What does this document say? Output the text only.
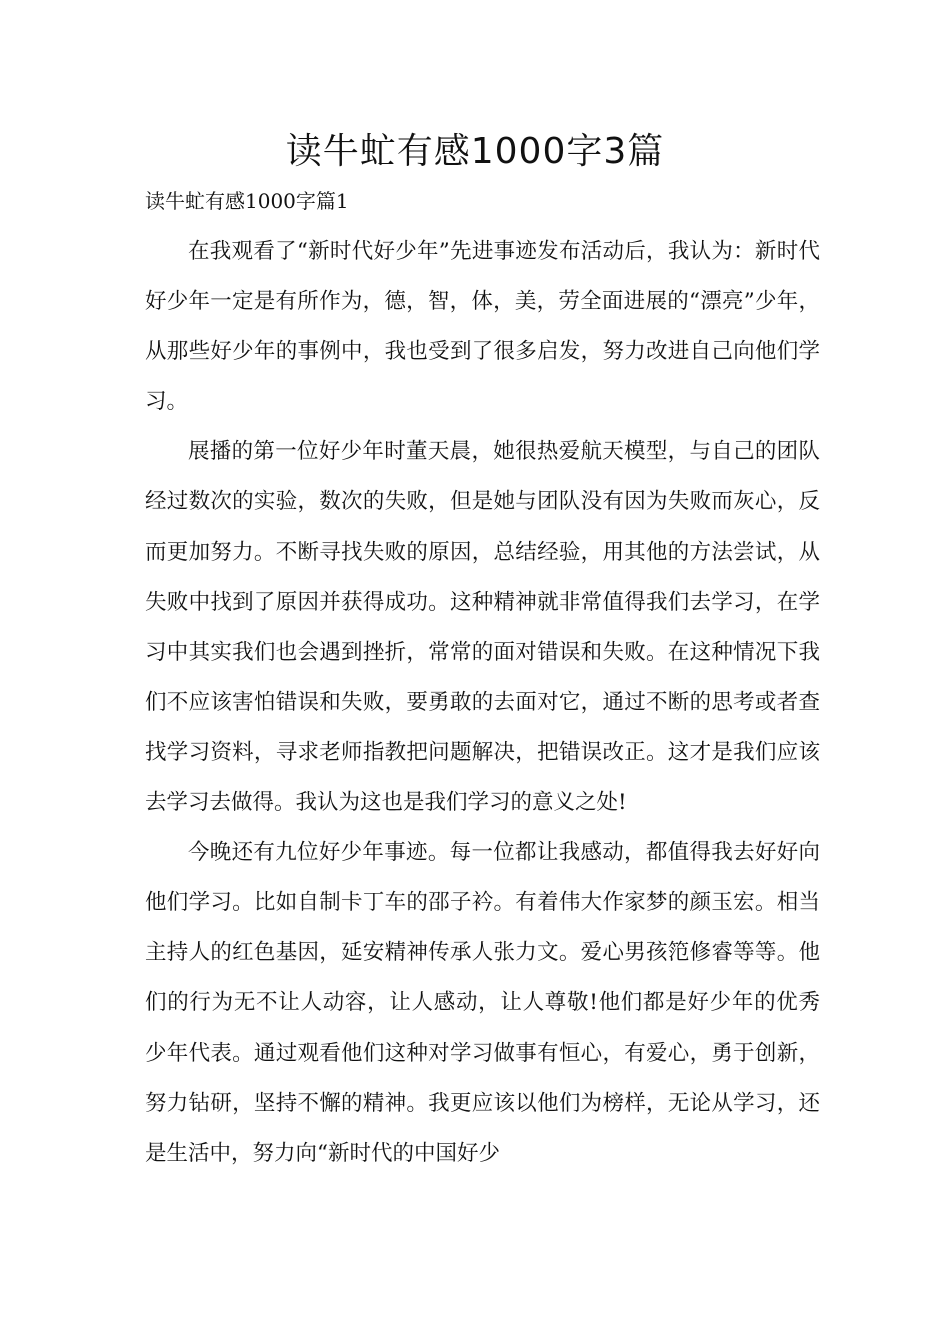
读牛虻有感1000字3篇
读牛虻有感1000字篇1

在我观看了“新时代好少年”先进事迹发布活动后，我认为：新时代好少年一定是有所作为，德，智，体，美，劳全面进展的“漂亮”少年，从那些好少年的事例中，我也受到了很多启发，努力改进自己向他们学习。

展播的第一位好少年时董天晨，她很热爱航天模型，与自己的团队经过数次的实验，数次的失败，但是她与团队没有因为失败而灰心，反而更加努力。不断寻找失败的原因，总结经验，用其他的方法尝试，从失败中找到了原因并获得成功。这种精神就非常值得我们去学习，在学习中其实我们也会遇到挫折，常常的面对错误和失败。在这种情况下我们不应该害怕错误和失败，要勇敢的去面对它，通过不断的思考或者查找学习资料，寻求老师指教把问题解决，把错误改正。这才是我们应该去学习去做得。我认为这也是我们学习的意义之处!

今晚还有九位好少年事迹。每一位都让我感动，都值得我去好好向他们学习。比如自制卡丁车的邵子衿。有着伟大作家梦的颜玉宏。相当主持人的红色基因，延安精神传承人张力文。爱心男孩笵修睿等等。他们的行为无不让人动容，让人感动，让人尊敬!他们都是好少年的优秀少年代表。通过观看他们这种对学习做事有恒心，有爱心，勇于创新，努力钻研，坚持不懈的精神。我更应该以他们为榜样，无论从学习，还是生活中，努力向“新时代的中国好少
